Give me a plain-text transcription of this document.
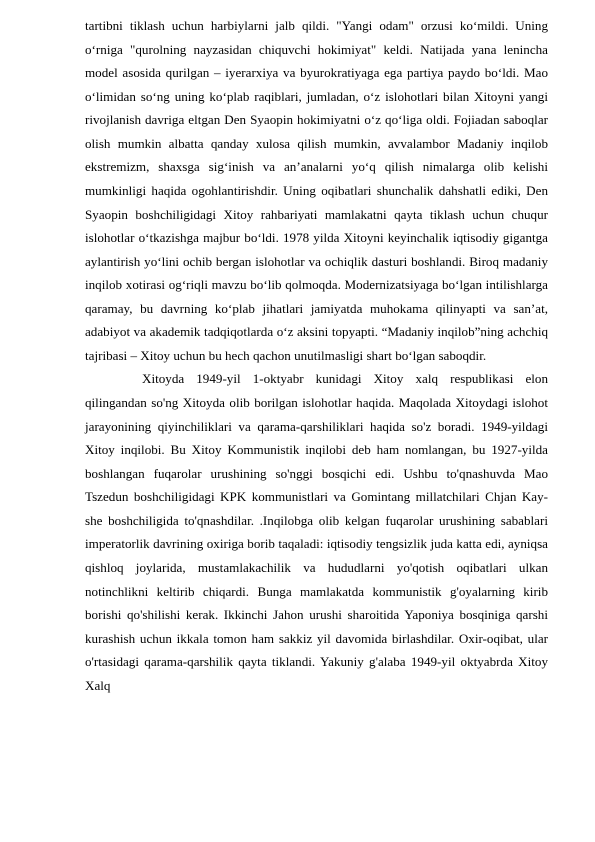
tartibni tiklash uchun harbiylarni jalb qildi. "Yangi odam" orzusi koʻmildi. Uning oʻrniga "qurolning nayzasidan chiquvchi hokimiyat" keldi. Natijada yana lenincha model asosida qurilgan – iyerarxiya va byurokratiyaga ega partiya paydo boʻldi. Mao oʻlimidan soʻng uning koʻplab raqiblari, jumladan, oʻz islohotlari bilan Xitoyni yangi rivojlanish davriga eltgan Den Syaopin hokimiyatni oʻz qoʻliga oldi. Fojiadan saboqlar olish mumkin albatta qanday xulosa qilish mumkin, avvalambor Madaniy inqilob ekstremizm, shaxsga sigʻinish va anʼanalarni yoʻq qilish nimalarga olib kelishi mumkinligi haqida ogohlantirishdir. Uning oqibatlari shunchalik dahshatli ediki, Den Syaopin boshchiligidagi Xitoy rahbariyati mamlakatni qayta tiklash uchun chuqur islohotlar oʻtkazishga majbur boʻldi. 1978 yilda Xitoyni keyinchalik iqtisodiy gigantga aylantirish yoʻlini ochib bergan islohotlar va ochiqlik dasturi boshlandi. Biroq madaniy inqilob xotirasi ogʻriqli mavzu boʻlib qolmoqda. Modernizatsiyaga boʻlgan intilishlarga qaramay, bu davrning koʻplab jihatlari jamiyatda muhokama qilinyapti va sanʼat, adabiyot va akademik tadqiqotlarda oʻz aksini topyapti. “Madaniy inqilob”ning achchiq tajribasi – Xitoy uchun bu hech qachon unutilmasligi shart boʻlgan saboqdir.

Xitoyda 1949-yil 1-oktyabr kunidagi Xitoy xalq respublikasi elon qilingandan so'ng Xitoyda olib borilgan islohotlar haqida. Maqolada Xitoydagi islohot jarayonining qiyinchiliklari va qarama-qarshiliklari haqida so'z boradi. 1949-yildagi Xitoy inqilobi. Bu Xitoy Kommunistik inqilobi deb ham nomlangan, bu 1927-yilda boshlangan fuqarolar urushining so'nggi bosqichi edi. Ushbu to'qnashuvda Mao Tszedun boshchiligidagi KPK kommunistlari va Gomintang millatchilari Chjan Kay-she boshchiligida to'qnashdilar. .Inqilobga olib kelgan fuqarolar urushining sabablari imperatorlik davrining oxiriga borib taqaladi: iqtisodiy tengsizlik juda katta edi, ayniqsa qishloq joylarida, mustamlakachilik va hududlarni yo'qotish oqibatlari ulkan notinchlikni keltirib chiqardi. Bunga mamlakatda kommunistik g'oyalarning kirib borishi qo'shilishi kerak. Ikkinchi Jahon urushi sharoitida Yaponiya bosqiniga qarshi kurashish uchun ikkala tomon ham sakkiz yil davomida birlashdilar. Oxir-oqibat, ular o'rtasidagi qarama-qarshilik qayta tiklandi. Yakuniy g'alaba 1949-yil oktyabrda Xitoy Xalq
